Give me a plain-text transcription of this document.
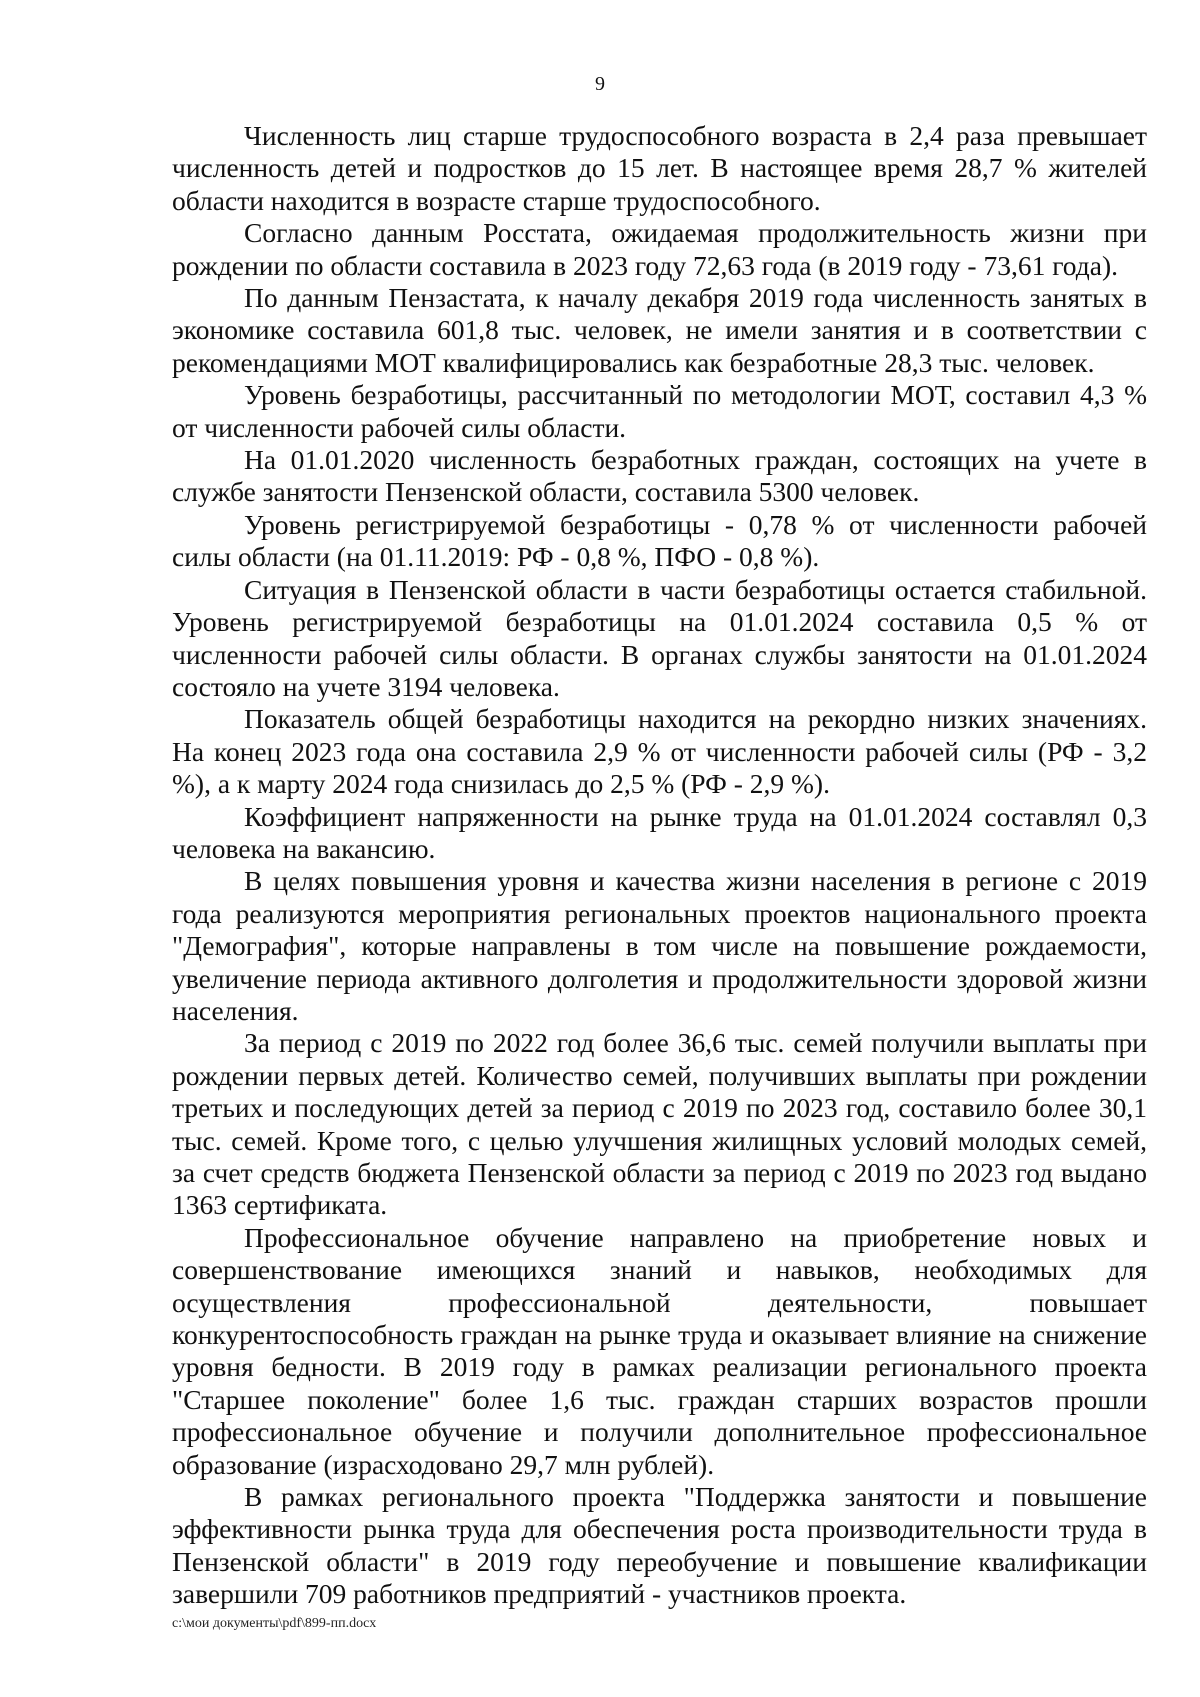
9

Численность лиц старше трудоспособного возраста в 2,4 раза превышает численность детей и подростков до 15 лет. В настоящее время 28,7 % жителей области находится в возрасте старше трудоспособного.

Согласно данным Росстата, ожидаемая продолжительность жизни при рождении по области составила в 2023 году 72,63 года (в 2019 году - 73,61 года).

По данным Пензастата, к началу декабря 2019 года численность занятых в экономике составила 601,8 тыс. человек, не имели занятия и в соответствии с рекомендациями МОТ квалифицировались как безработные 28,3 тыс. человек.

Уровень безработицы, рассчитанный по методологии МОТ, составил 4,3 % от численности рабочей силы области.

На 01.01.2020 численность безработных граждан, состоящих на учете в службе занятости Пензенской области, составила 5300 человек.

Уровень регистрируемой безработицы - 0,78 % от численности рабочей силы области (на 01.11.2019: РФ - 0,8 %, ПФО - 0,8 %).

Ситуация в Пензенской области в части безработицы остается стабильной. Уровень регистрируемой безработицы на 01.01.2024 составила 0,5 % от численности рабочей силы области. В органах службы занятости на 01.01.2024 состояло на учете 3194 человека.

Показатель общей безработицы находится на рекордно низких значениях. На конец 2023 года она составила 2,9 % от численности рабочей силы (РФ - 3,2 %), а к марту 2024 года снизилась до 2,5 % (РФ - 2,9 %).

Коэффициент напряженности на рынке труда на 01.01.2024 составлял 0,3 человека на вакансию.

В целях повышения уровня и качества жизни населения в регионе с 2019 года реализуются мероприятия региональных проектов национального проекта "Демография", которые направлены в том числе на повышение рождаемости, увеличение периода активного долголетия и продолжительности здоровой жизни населения.

За период с 2019 по 2022 год более 36,6 тыс. семей получили выплаты при рождении первых детей. Количество семей, получивших выплаты при рождении третьих и последующих детей за период с 2019 по 2023 год, составило более 30,1 тыс. семей. Кроме того, с целью улучшения жилищных условий молодых семей, за счет средств бюджета Пензенской области за период с 2019 по 2023 год выдано 1363 сертификата.

Профессиональное обучение направлено на приобретение новых и совершенствование имеющихся знаний и навыков, необходимых для осуществления профессиональной деятельности, повышает конкурентоспособность граждан на рынке труда и оказывает влияние на снижение уровня бедности. В 2019 году в рамках реализации регионального проекта "Старшее поколение" более 1,6 тыс. граждан старших возрастов прошли профессиональное обучение и получили дополнительное профессиональное образование (израсходовано 29,7 млн рублей).

В рамках регионального проекта "Поддержка занятости и повышение эффективности рынка труда для обеспечения роста производительности труда в Пензенской области" в 2019 году переобучение и повышение квалификации завершили 709 работников предприятий - участников проекта.

c:\мои документы\pdf\899-пп.docx
